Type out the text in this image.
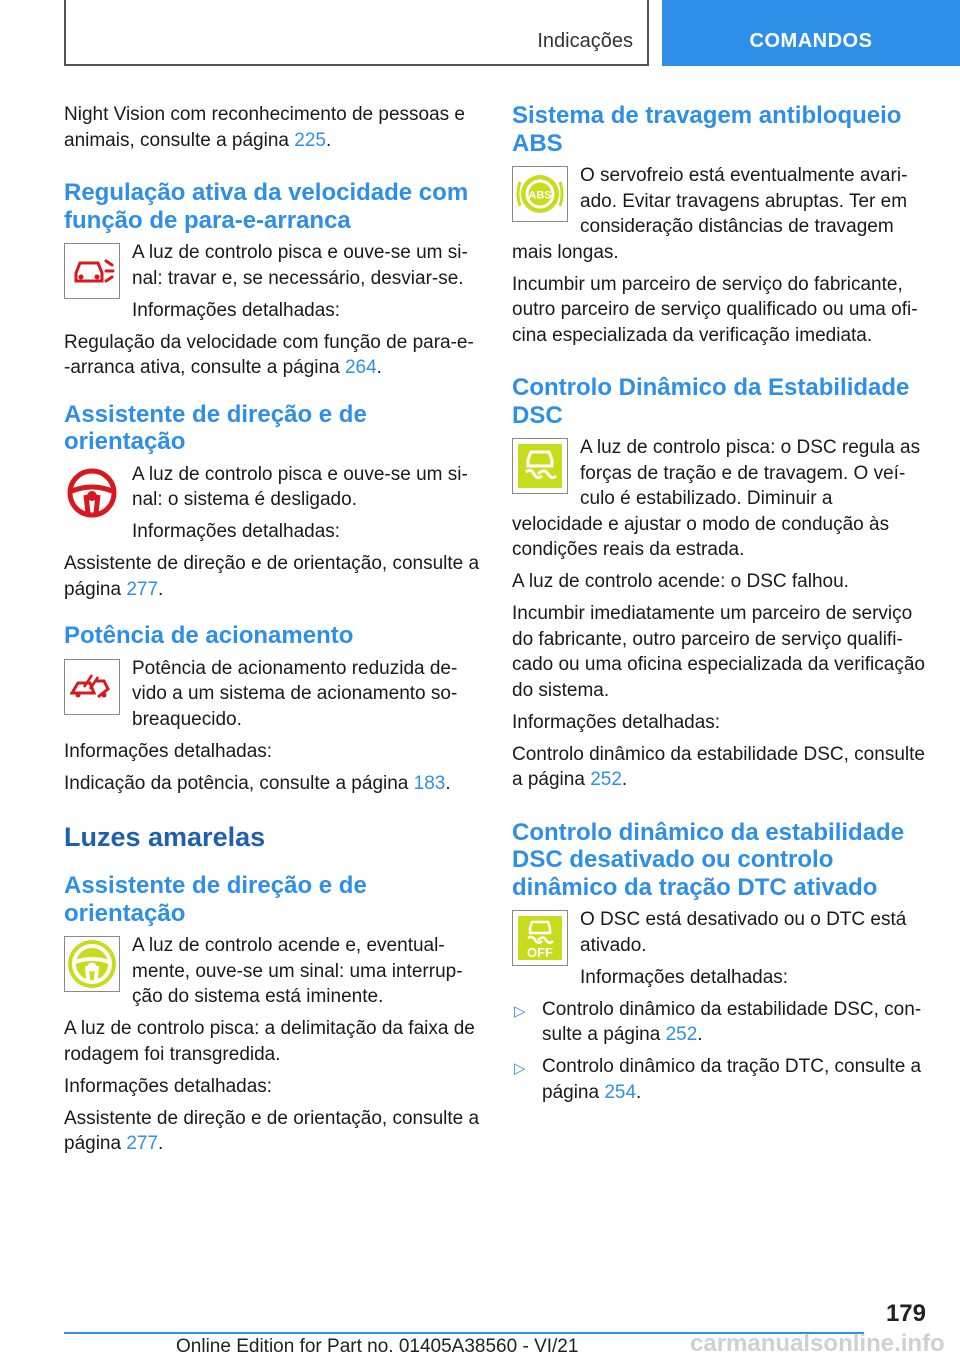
Indicações	COMANDOS

Night Vision com reconhecimento de pessoas e animais, consulte a página 225.

Regulação ativa da velocidade com função de para-e-arranca

A luz de controlo pisca e ouve-se um sinal: travar e, se necessário, desviar-se.

Informações detalhadas:

Regulação da velocidade com função de para-e--arranca ativa, consulte a página 264.

Assistente de direção e de orientação

A luz de controlo pisca e ouve-se um sinal: o sistema é desligado.

Informações detalhadas:

Assistente de direção e de orientação, consulte a página 277.

Potência de acionamento

Potência de acionamento reduzida devido a um sistema de acionamento sobreaquecido.

Informações detalhadas:

Indicação da potência, consulte a página 183.

Luzes amarelas
Assistente de direção e de orientação

A luz de controlo acende e, eventualmente, ouve-se um sinal: uma interrupção do sistema está iminente.

A luz de controlo pisca: a delimitação da faixa de rodagem foi transgredida.

Informações detalhadas:

Assistente de direção e de orientação, consulte a página 277.

Sistema de travagem antibloqueio ABS
ABS

O servofreio está eventualmente avariado. Evitar travagens abruptas. Ter em consideração distâncias de travagem mais longas.

Incumbir um parceiro de serviço do fabricante, outro parceiro de serviço qualificado ou uma oficina especializada da verificação imediata.

Controlo Dinâmico da Estabilidade DSC

A luz de controlo pisca: o DSC regula as forças de tração e de travagem. O veículo é estabilizado. Diminuir a velocidade e ajustar o modo de condução às condições reais da estrada.

A luz de controlo acende: o DSC falhou.

Incumbir imediatamente um parceiro de serviço do fabricante, outro parceiro de serviço qualificado ou uma oficina especializada da verificação do sistema.

Informações detalhadas:

Controlo dinâmico da estabilidade DSC, consulte a página 252.

Controlo dinâmico da estabilidade DSC desativado ou controlo dinâmico da tração DTC ativado
OFF

O DSC está desativado ou o DTC está ativado.

Informações detalhadas:

▷ Controlo dinâmico da estabilidade DSC, consulte a página 252.
▷ Controlo dinâmico da tração DTC, consulte a página 254.
179
Online Edition for Part no. 01405A38560 - VI/21	carmanualsonline.info
